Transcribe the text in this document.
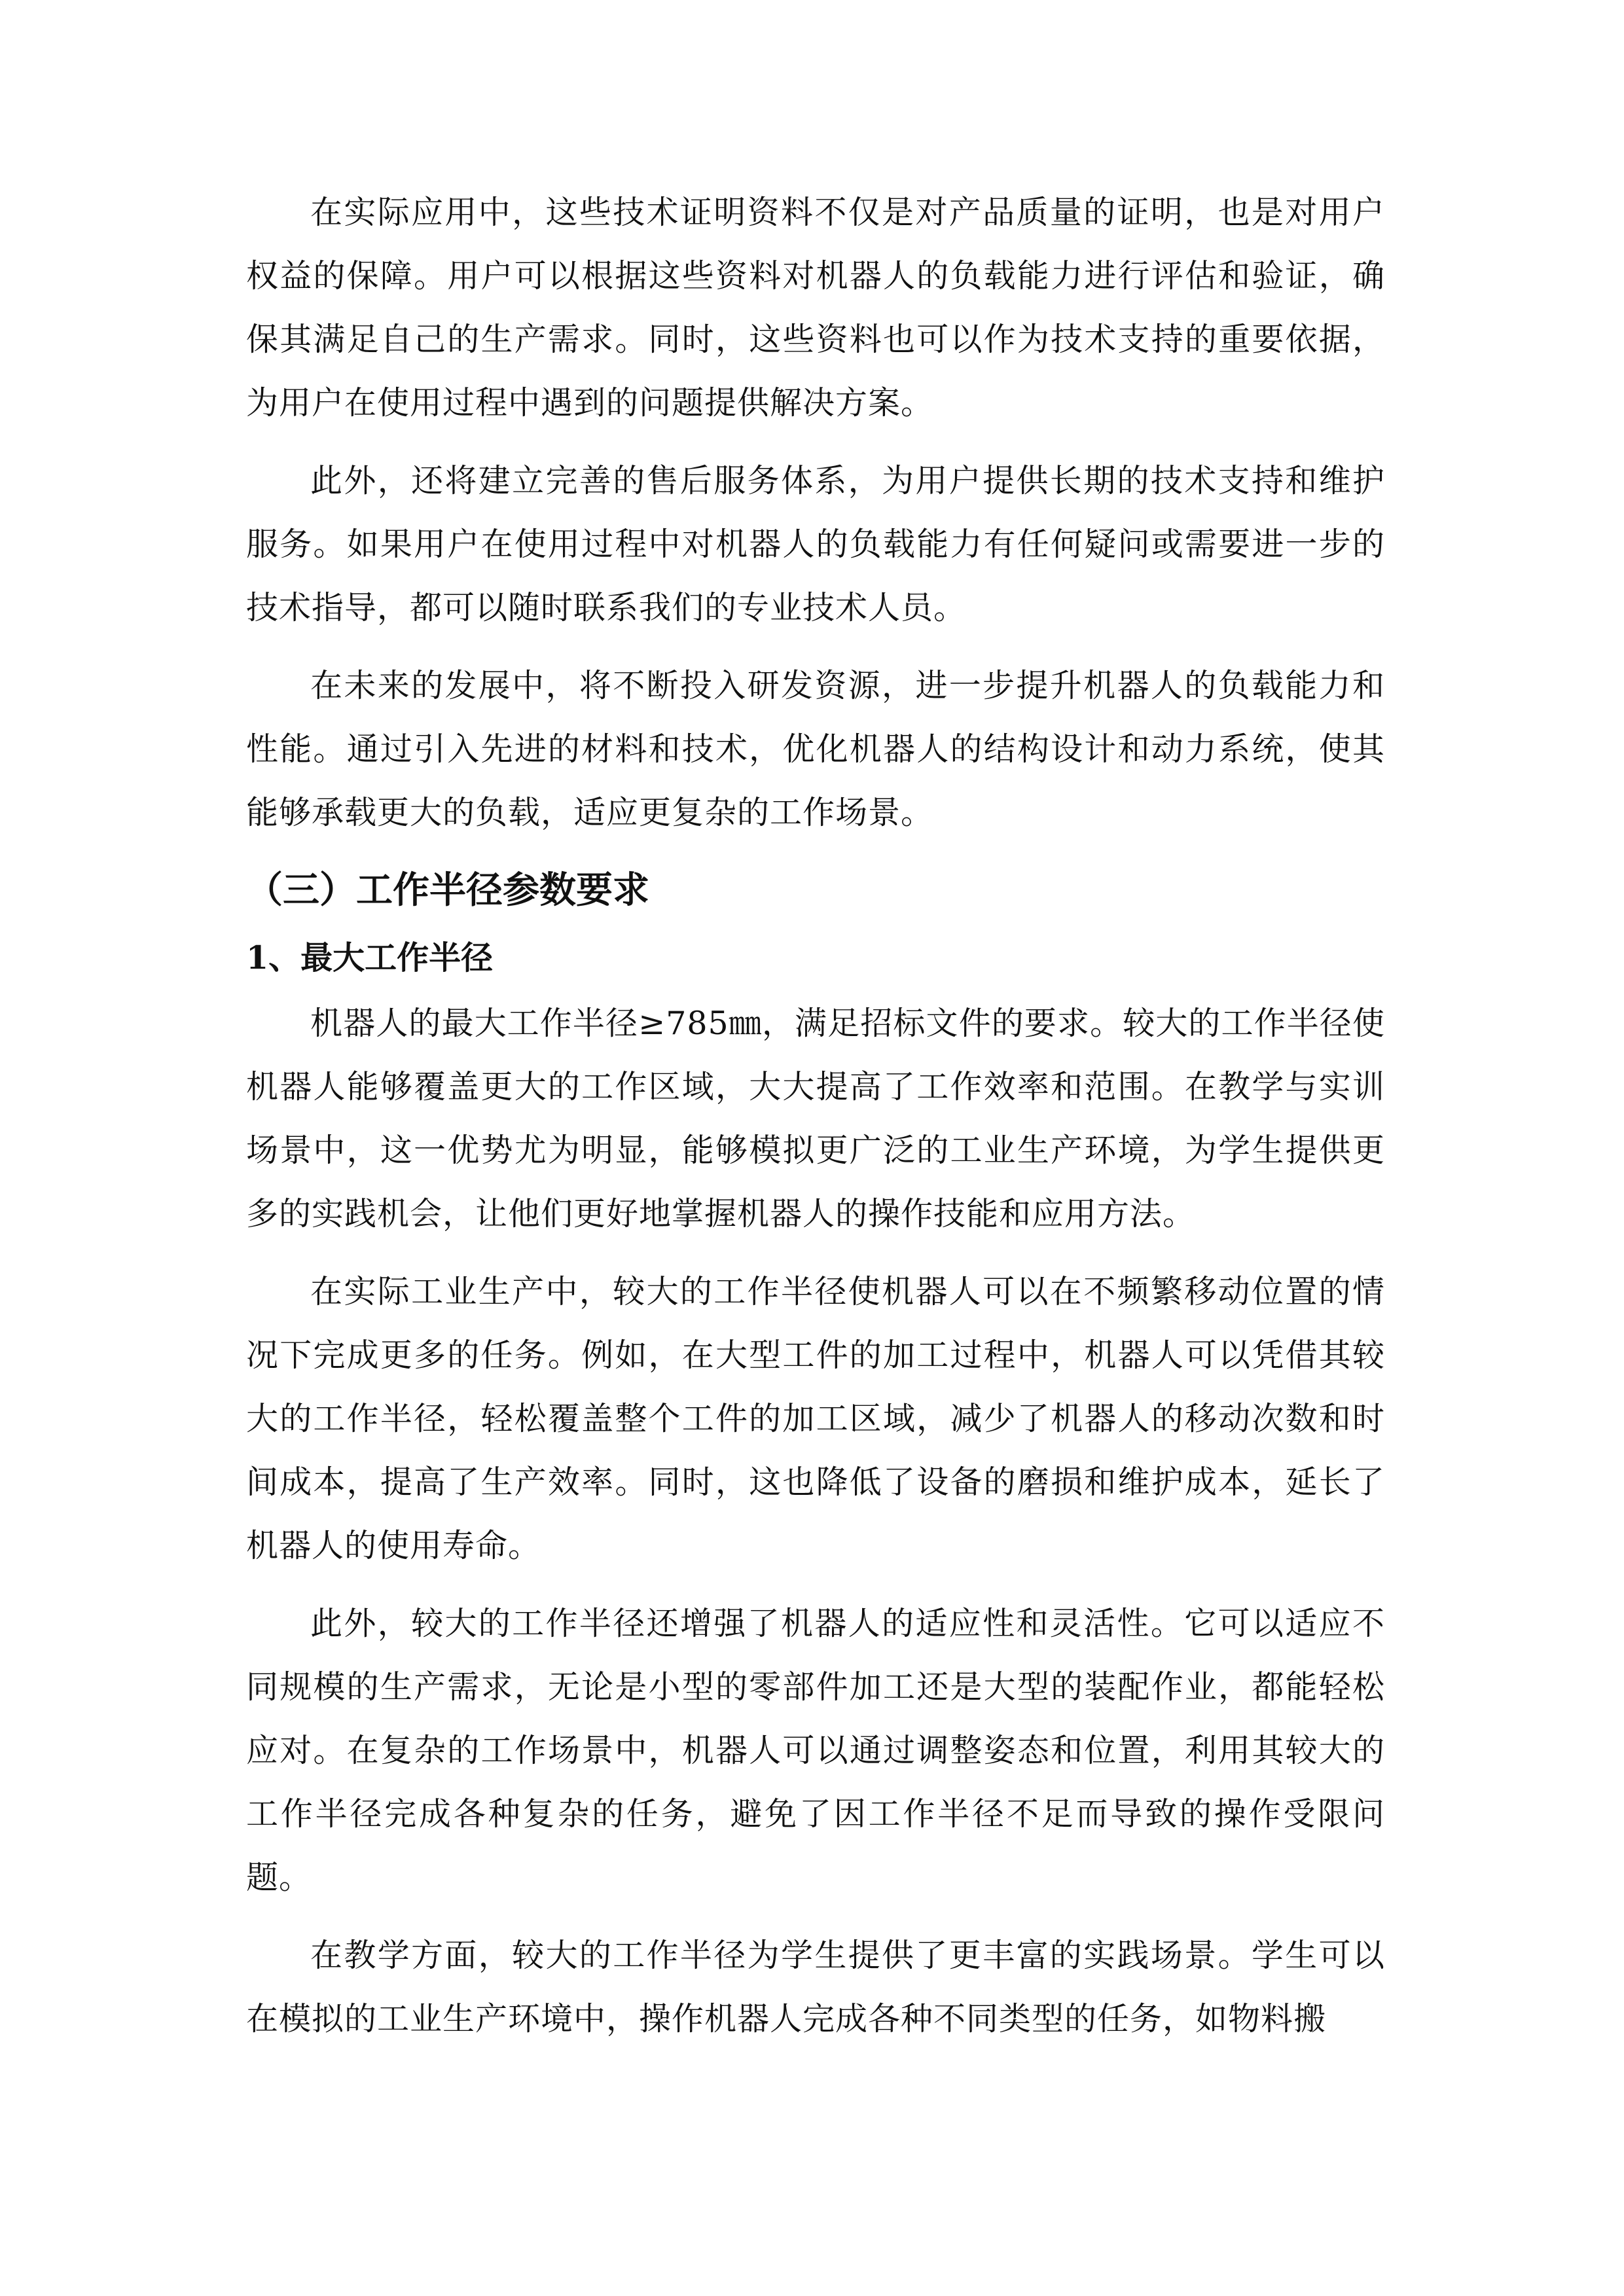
在实际应用中，这些技术证明资料不仅是对产品质量的证明，也是对用户权益的保障。用户可以根据这些资料对机器人的负载能力进行评估和验证，确保其满足自己的生产需求。同时，这些资料也可以作为技术支持的重要依据，为用户在使用过程中遇到的问题提供解决方案。

此外，还将建立完善的售后服务体系，为用户提供长期的技术支持和维护服务。如果用户在使用过程中对机器人的负载能力有任何疑问或需要进一步的技术指导，都可以随时联系我们的专业技术人员。

在未来的发展中，将不断投入研发资源，进一步提升机器人的负载能力和性能。通过引入先进的材料和技术，优化机器人的结构设计和动力系统，使其能够承载更大的负载，适应更复杂的工作场景。

（三）工作半径参数要求
1、最大工作半径

机器人的最大工作半径≥785㎜，满足招标文件的要求。较大的工作半径使机器人能够覆盖更大的工作区域，大大提高了工作效率和范围。在教学与实训场景中，这一优势尤为明显，能够模拟更广泛的工业生产环境，为学生提供更多的实践机会，让他们更好地掌握机器人的操作技能和应用方法。

在实际工业生产中，较大的工作半径使机器人可以在不频繁移动位置的情况下完成更多的任务。例如，在大型工件的加工过程中，机器人可以凭借其较大的工作半径，轻松覆盖整个工件的加工区域，减少了机器人的移动次数和时间成本，提高了生产效率。同时，这也降低了设备的磨损和维护成本，延长了机器人的使用寿命。

此外，较大的工作半径还增强了机器人的适应性和灵活性。它可以适应不同规模的生产需求，无论是小型的零部件加工还是大型的装配作业，都能轻松应对。在复杂的工作场景中，机器人可以通过调整姿态和位置，利用其较大的工作半径完成各种复杂的任务，避免了因工作半径不足而导致的操作受限问题。

在教学方面，较大的工作半径为学生提供了更丰富的实践场景。学生可以在模拟的工业生产环境中，操作机器人完成各种不同类型的任务，如物料搬
